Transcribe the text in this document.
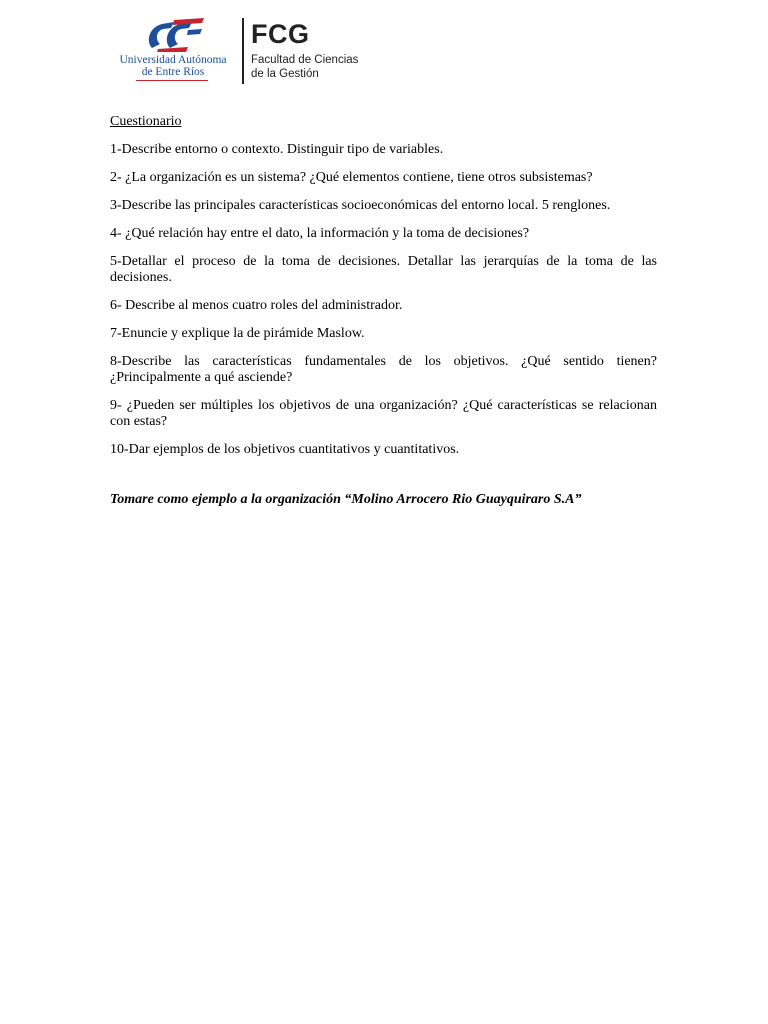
Universidad Autónoma
de Entre Ríos
FCG
Facultad de Ciencias
de la Gestión

Cuestionario

1-Describe entorno o contexto. Distinguir tipo de variables.

2- ¿La organización es un sistema? ¿Qué elementos contiene, tiene otros subsistemas?

3-Describe las principales características socioeconómicas del entorno local. 5 renglones.

4- ¿Qué relación hay entre el dato, la información y la toma de decisiones?

5-Detallar el proceso de la toma de decisiones. Detallar las jerarquías de la toma de las decisiones.

6- Describe al menos cuatro roles del administrador.

7-Enuncie y explique la de pirámide Maslow.

8-Describe las características fundamentales de los objetivos. ¿Qué sentido tienen? ¿Principalmente a qué asciende?

9- ¿Pueden ser múltiples los objetivos de una organización? ¿Qué características se relacionan con estas?

10-Dar ejemplos de los objetivos cuantitativos y cuantitativos.

Tomare como ejemplo a la organización “Molino Arrocero Rio Guayquiraro S.A”
